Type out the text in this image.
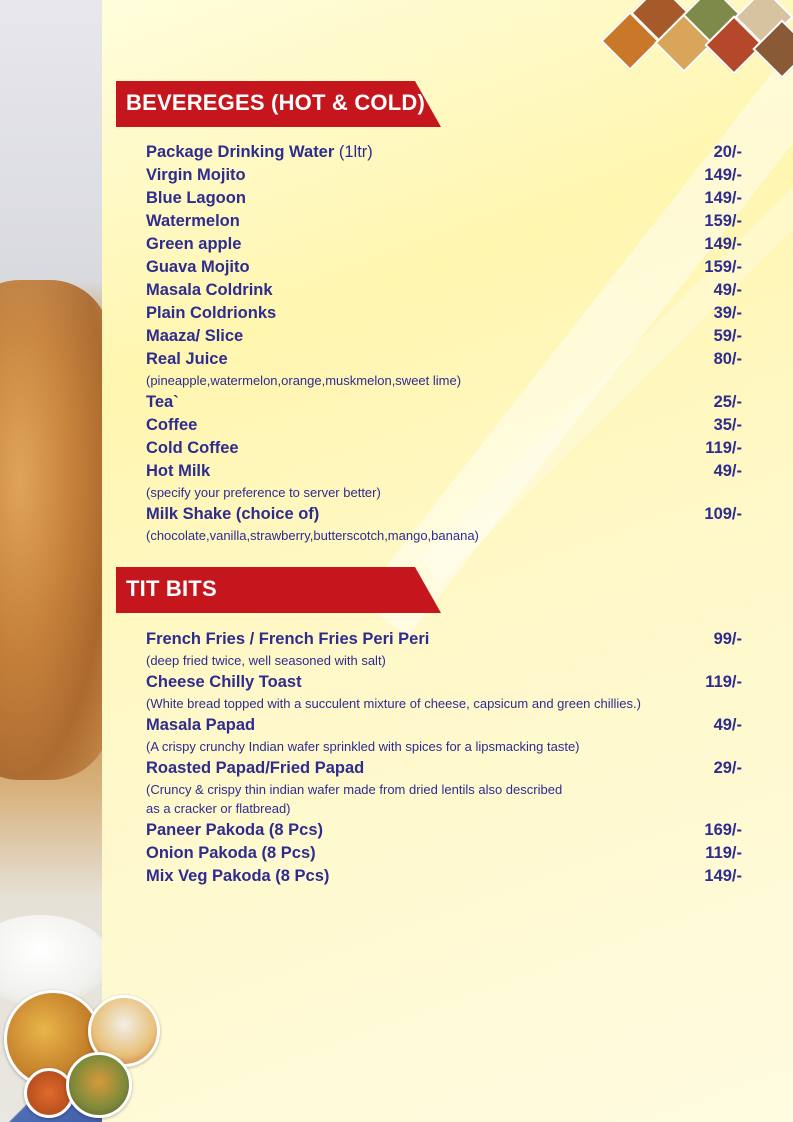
BEVEREGES (HOT & COLD)
Package Drinking Water (1ltr)	20/-
Virgin Mojito	149/-
Blue Lagoon	149/-
Watermelon	159/-
Green apple	149/-
Guava Mojito	159/-
Masala Coldrink	49/-
Plain Coldrionks	39/-
Maaza/ Slice	59/-
Real Juice	80/-
(pineapple,watermelon,orange,muskmelon,sweet lime)
Tea`	25/-
Coffee	35/-
Cold Coffee	119/-
Hot Milk	49/-
(specify your preference to server better)
Milk Shake (choice of)	109/-
(chocolate,vanilla,strawberry,butterscotch,mango,banana)
TIT BITS
French Fries / French Fries Peri Peri	99/-
(deep fried twice, well seasoned with salt)
Cheese Chilly Toast	119/-
(White bread topped with a succulent mixture of cheese, capsicum and green chillies.)
Masala Papad	49/-
(A crispy crunchy Indian wafer sprinkled with spices for a lipsmacking taste)
Roasted Papad/Fried Papad	29/-
(Cruncy & crispy thin indian wafer made from dried lentils also described
as a cracker or flatbread)
Paneer Pakoda (8 Pcs)	169/-
Onion Pakoda (8 Pcs)	119/-
Mix Veg Pakoda (8 Pcs)	149/-
